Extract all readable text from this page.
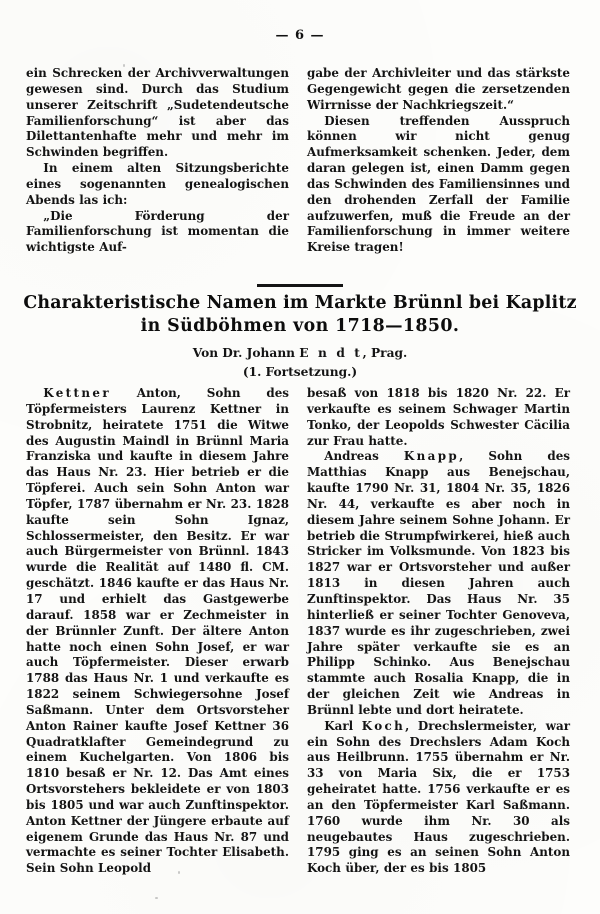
— 6 —

ein Schrecken der Archivverwaltungen gewesen sind. Durch das Studium unserer Zeitschrift „Sudetendeutsche Familienforschung“ ist aber das Dilettantenhafte mehr und mehr im Schwinden begriffen.

In einem alten Sitzungsberichte eines sogenannten genealogischen Abends las ich:

„Die Förderung der Familienforschung ist momentan die wichtigste Auf-

gabe der Archivleiter und das stärkste Gegengewicht gegen die zersetzenden Wirrnisse der Nachkriegszeit.“

Diesen treffenden Ausspruch können wir nicht genug Aufmerksamkeit schenken. Jeder, dem daran gelegen ist, einen Damm gegen das Schwinden des Familiensinnes und den drohenden Zerfall der Familie aufzuwerfen, muß die Freude an der Familienforschung in immer weitere Kreise tragen!

Charakteristische Namen im Markte Brünnl bei Kaplitz
in Südböhmen von 1718—1850.
Von Dr. Johann E n d t, Prag.
(1. Fortsetzung.)

Kettner Anton, Sohn des Töpfermeisters Laurenz Kettner in Strobnitz, heiratete 1751 die Witwe des Augustin Maindl in Brünnl Maria Franziska und kaufte in diesem Jahre das Haus Nr. 23. Hier betrieb er die Töpferei. Auch sein Sohn Anton war Töpfer, 1787 übernahm er Nr. 23. 1828 kaufte sein Sohn Ignaz, Schlossermeister, den Besitz. Er war auch Bürgermeister von Brünnl. 1843 wurde die Realität auf 1480 fl. CM. geschätzt. 1846 kaufte er das Haus Nr. 17 und erhielt das Gastgewerbe darauf. 1858 war er Zechmeister in der Brünnler Zunft. Der ältere Anton hatte noch einen Sohn Josef, er war auch Töpfermeister. Dieser erwarb 1788 das Haus Nr. 1 und verkaufte es 1822 seinem Schwiegersohne Josef Saßmann. Unter dem Ortsvorsteher Anton Rainer kaufte Josef Kettner 36 Quadratklafter Gemeindegrund zu einem Kuchelgarten. Von 1806 bis 1810 besaß er Nr. 12. Das Amt eines Ortsvorstehers bekleidete er von 1803 bis 1805 und war auch Zunftinspektor. Anton Kettner der Jüngere erbaute auf eigenem Grunde das Haus Nr. 87 und vermachte es seiner Tochter Elisabeth. Sein Sohn Leopold

besaß von 1818 bis 1820 Nr. 22. Er verkaufte es seinem Schwager Martin Tonko, der Leopolds Schwester Cäcilia zur Frau hatte.

Andreas Knapp, Sohn des Matthias Knapp aus Benejschau, kaufte 1790 Nr. 31, 1804 Nr. 35, 1826 Nr. 44, verkaufte es aber noch in diesem Jahre seinem Sohne Johann. Er betrieb die Strumpfwirkerei, hieß auch Stricker im Volksmunde. Von 1823 bis 1827 war er Ortsvorsteher und außer 1813 in diesen Jahren auch Zunftinspektor. Das Haus Nr. 35 hinterließ er seiner Tochter Genoveva, 1837 wurde es ihr zugeschrieben, zwei Jahre später verkaufte sie es an Philipp Schinko. Aus Benejschau stammte auch Rosalia Knapp, die in der gleichen Zeit wie Andreas in Brünnl lebte und dort heiratete.

Karl Koch, Drechslermeister, war ein Sohn des Drechslers Adam Koch aus Heilbrunn. 1755 übernahm er Nr. 33 von Maria Six, die er 1753 geheiratet hatte. 1756 verkaufte er es an den Töpfermeister Karl Saßmann. 1760 wurde ihm Nr. 30 als neugebautes Haus zugeschrieben. 1795 ging es an seinen Sohn Anton Koch über, der es bis 1805
